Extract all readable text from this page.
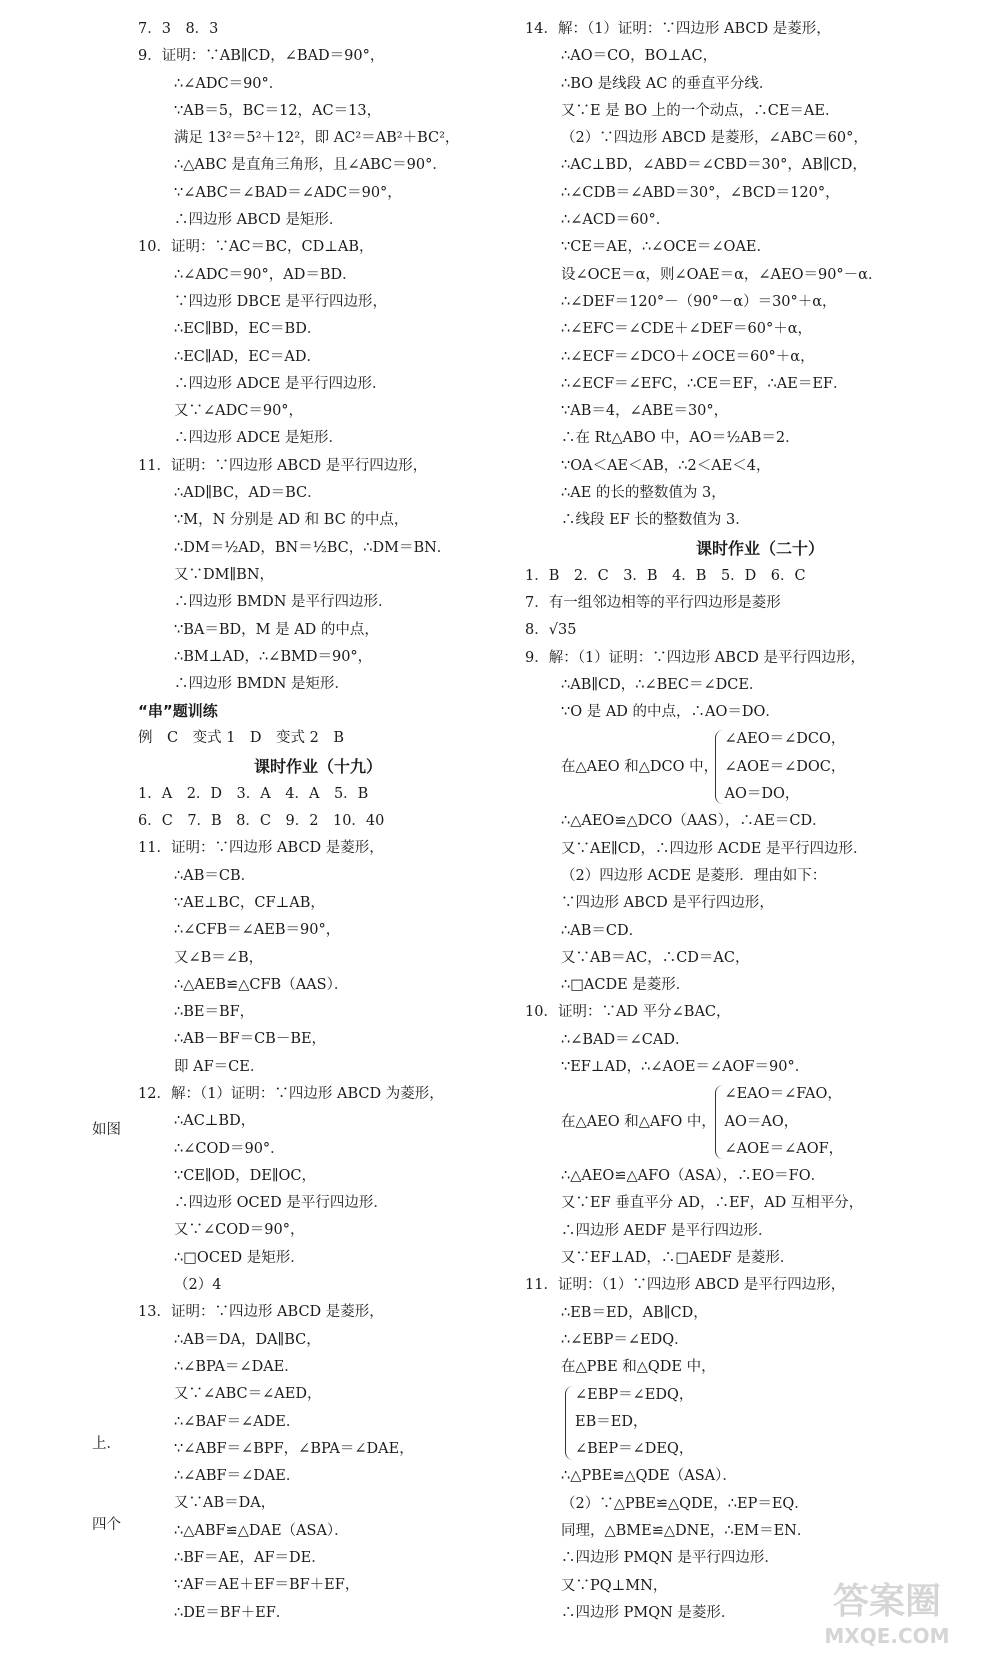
7．3　8．3
9．证明：∵AB∥CD，∠BAD＝90°，
∴∠ADC＝90°．
∵AB＝5，BC＝12，AC＝13，
满足 13²＝5²＋12²，即 AC²＝AB²＋BC²，
∴△ABC 是直角三角形，且∠ABC＝90°．
∵∠ABC＝∠BAD＝∠ADC＝90°，
∴四边形 ABCD 是矩形．
10．证明：∵AC＝BC，CD⊥AB，
∴∠ADC＝90°，AD＝BD．
∵四边形 DBCE 是平行四边形，
∴EC∥BD，EC＝BD．
∴EC∥AD，EC＝AD．
∴四边形 ADCE 是平行四边形．
又∵∠ADC＝90°，
∴四边形 ADCE 是矩形．
11．证明：∵四边形 ABCD 是平行四边形，
∴AD∥BC，AD＝BC．
∵M，N 分别是 AD 和 BC 的中点，
∴DM＝½AD，BN＝½BC，∴DM＝BN．
又∵DM∥BN，
∴四边形 BMDN 是平行四边形．
∵BA＝BD，M 是 AD 的中点，
∴BM⊥AD，∴∠BMD＝90°，
∴四边形 BMDN 是矩形．
“串”题训练
例　C　变式 1　D　变式 2　B
课时作业（十九）
1．A　2．D　3．A　4．A　5．B
6．C　7．B　8．C　9．2　10．40
11．证明：∵四边形 ABCD 是菱形，
∴AB＝CB．
∵AE⊥BC，CF⊥AB，
∴∠CFB＝∠AEB＝90°，
又∠B＝∠B，
∴△AEB≌△CFB（AAS）．
∴BE＝BF，
∴AB－BF＝CB－BE，
即 AF＝CE．
12．解：（1）证明：∵四边形 ABCD 为菱形，
∴AC⊥BD，
∴∠COD＝90°．
∵CE∥OD，DE∥OC，
∴四边形 OCED 是平行四边形．
又∵∠COD＝90°，
∴□OCED 是矩形．
（2）4
13．证明：∵四边形 ABCD 是菱形，
∴AB＝DA，DA∥BC，
∴∠BPA＝∠DAE．
又∵∠ABC＝∠AED，
∴∠BAF＝∠ADE．
∵∠ABF＝∠BPF，∠BPA＝∠DAE，
∴∠ABF＝∠DAE．
又∵AB＝DA，
∴△ABF≌△DAE（ASA）．
∴BF＝AE，AF＝DE．
∵AF＝AE＋EF＝BF＋EF，
∴DE＝BF＋EF．
14．解：（1）证明：∵四边形 ABCD 是菱形，
∴AO＝CO，BO⊥AC，
∴BO 是线段 AC 的垂直平分线．
又∵E 是 BO 上的一个动点，∴CE＝AE．
（2）∵四边形 ABCD 是菱形，∠ABC＝60°，
∴AC⊥BD，∠ABD＝∠CBD＝30°，AB∥CD，
∴∠CDB＝∠ABD＝30°，∠BCD＝120°，
∴∠ACD＝60°．
∵CE＝AE，∴∠OCE＝∠OAE．
设∠OCE＝α，则∠OAE＝α，∠AEO＝90°－α．
∴∠DEF＝120°－（90°－α）＝30°＋α，
∴∠EFC＝∠CDE＋∠DEF＝60°＋α，
∴∠ECF＝∠DCO＋∠OCE＝60°＋α，
∴∠ECF＝∠EFC，∴CE＝EF，∴AE＝EF．
∵AB＝4，∠ABE＝30°，
∴在 Rt△ABO 中，AO＝½AB＝2．
∵OA＜AE＜AB，∴2＜AE＜4，
∴AE 的长的整数值为 3，
∴线段 EF 长的整数值为 3．
课时作业（二十）
1．B　2．C　3．B　4．B　5．D　6．C
7．有一组邻边相等的平行四边形是菱形
8．√35
9．解：（1）证明：∵四边形 ABCD 是平行四边形，
∴AB∥CD，∴∠BEC＝∠DCE．
∵O 是 AD 的中点，∴AO＝DO．
在△AEO 和△DCO 中，
∠AEO＝∠DCO，
∠AOE＝∠DOC，
AO＝DO，
∴△AEO≌△DCO（AAS），∴AE＝CD．
又∵AE∥CD，∴四边形 ACDE 是平行四边形．
（2）四边形 ACDE 是菱形．理由如下：
∵四边形 ABCD 是平行四边形，
∴AB＝CD．
又∵AB＝AC，∴CD＝AC，
∴□ACDE 是菱形．
10．证明：∵AD 平分∠BAC，
∴∠BAD＝∠CAD．
∵EF⊥AD，∴∠AOE＝∠AOF＝90°．
在△AEO 和△AFO 中，
∠EAO＝∠FAO，
AO＝AO，
∠AOE＝∠AOF，
∴△AEO≌△AFO（ASA），∴EO＝FO．
又∵EF 垂直平分 AD，∴EF，AD 互相平分，
∴四边形 AEDF 是平行四边形．
又∵EF⊥AD，∴□AEDF 是菱形．
11．证明：（1）∵四边形 ABCD 是平行四边形，
∴EB＝ED，AB∥CD，
∴∠EBP＝∠EDQ．
在△PBE 和△QDE 中，
∠EBP＝∠EDQ，
EB＝ED，
∠BEP＝∠DEQ，
∴△PBE≌△QDE（ASA）．
（2）∵△PBE≌△QDE，∴EP＝EQ．
同理，△BME≌△DNE，∴EM＝EN．
∴四边形 PMQN 是平行四边形．
又∵PQ⊥MN，
∴四边形 PMQN 是菱形．
如图
上．
四个
答案圈
MXQE.COM
